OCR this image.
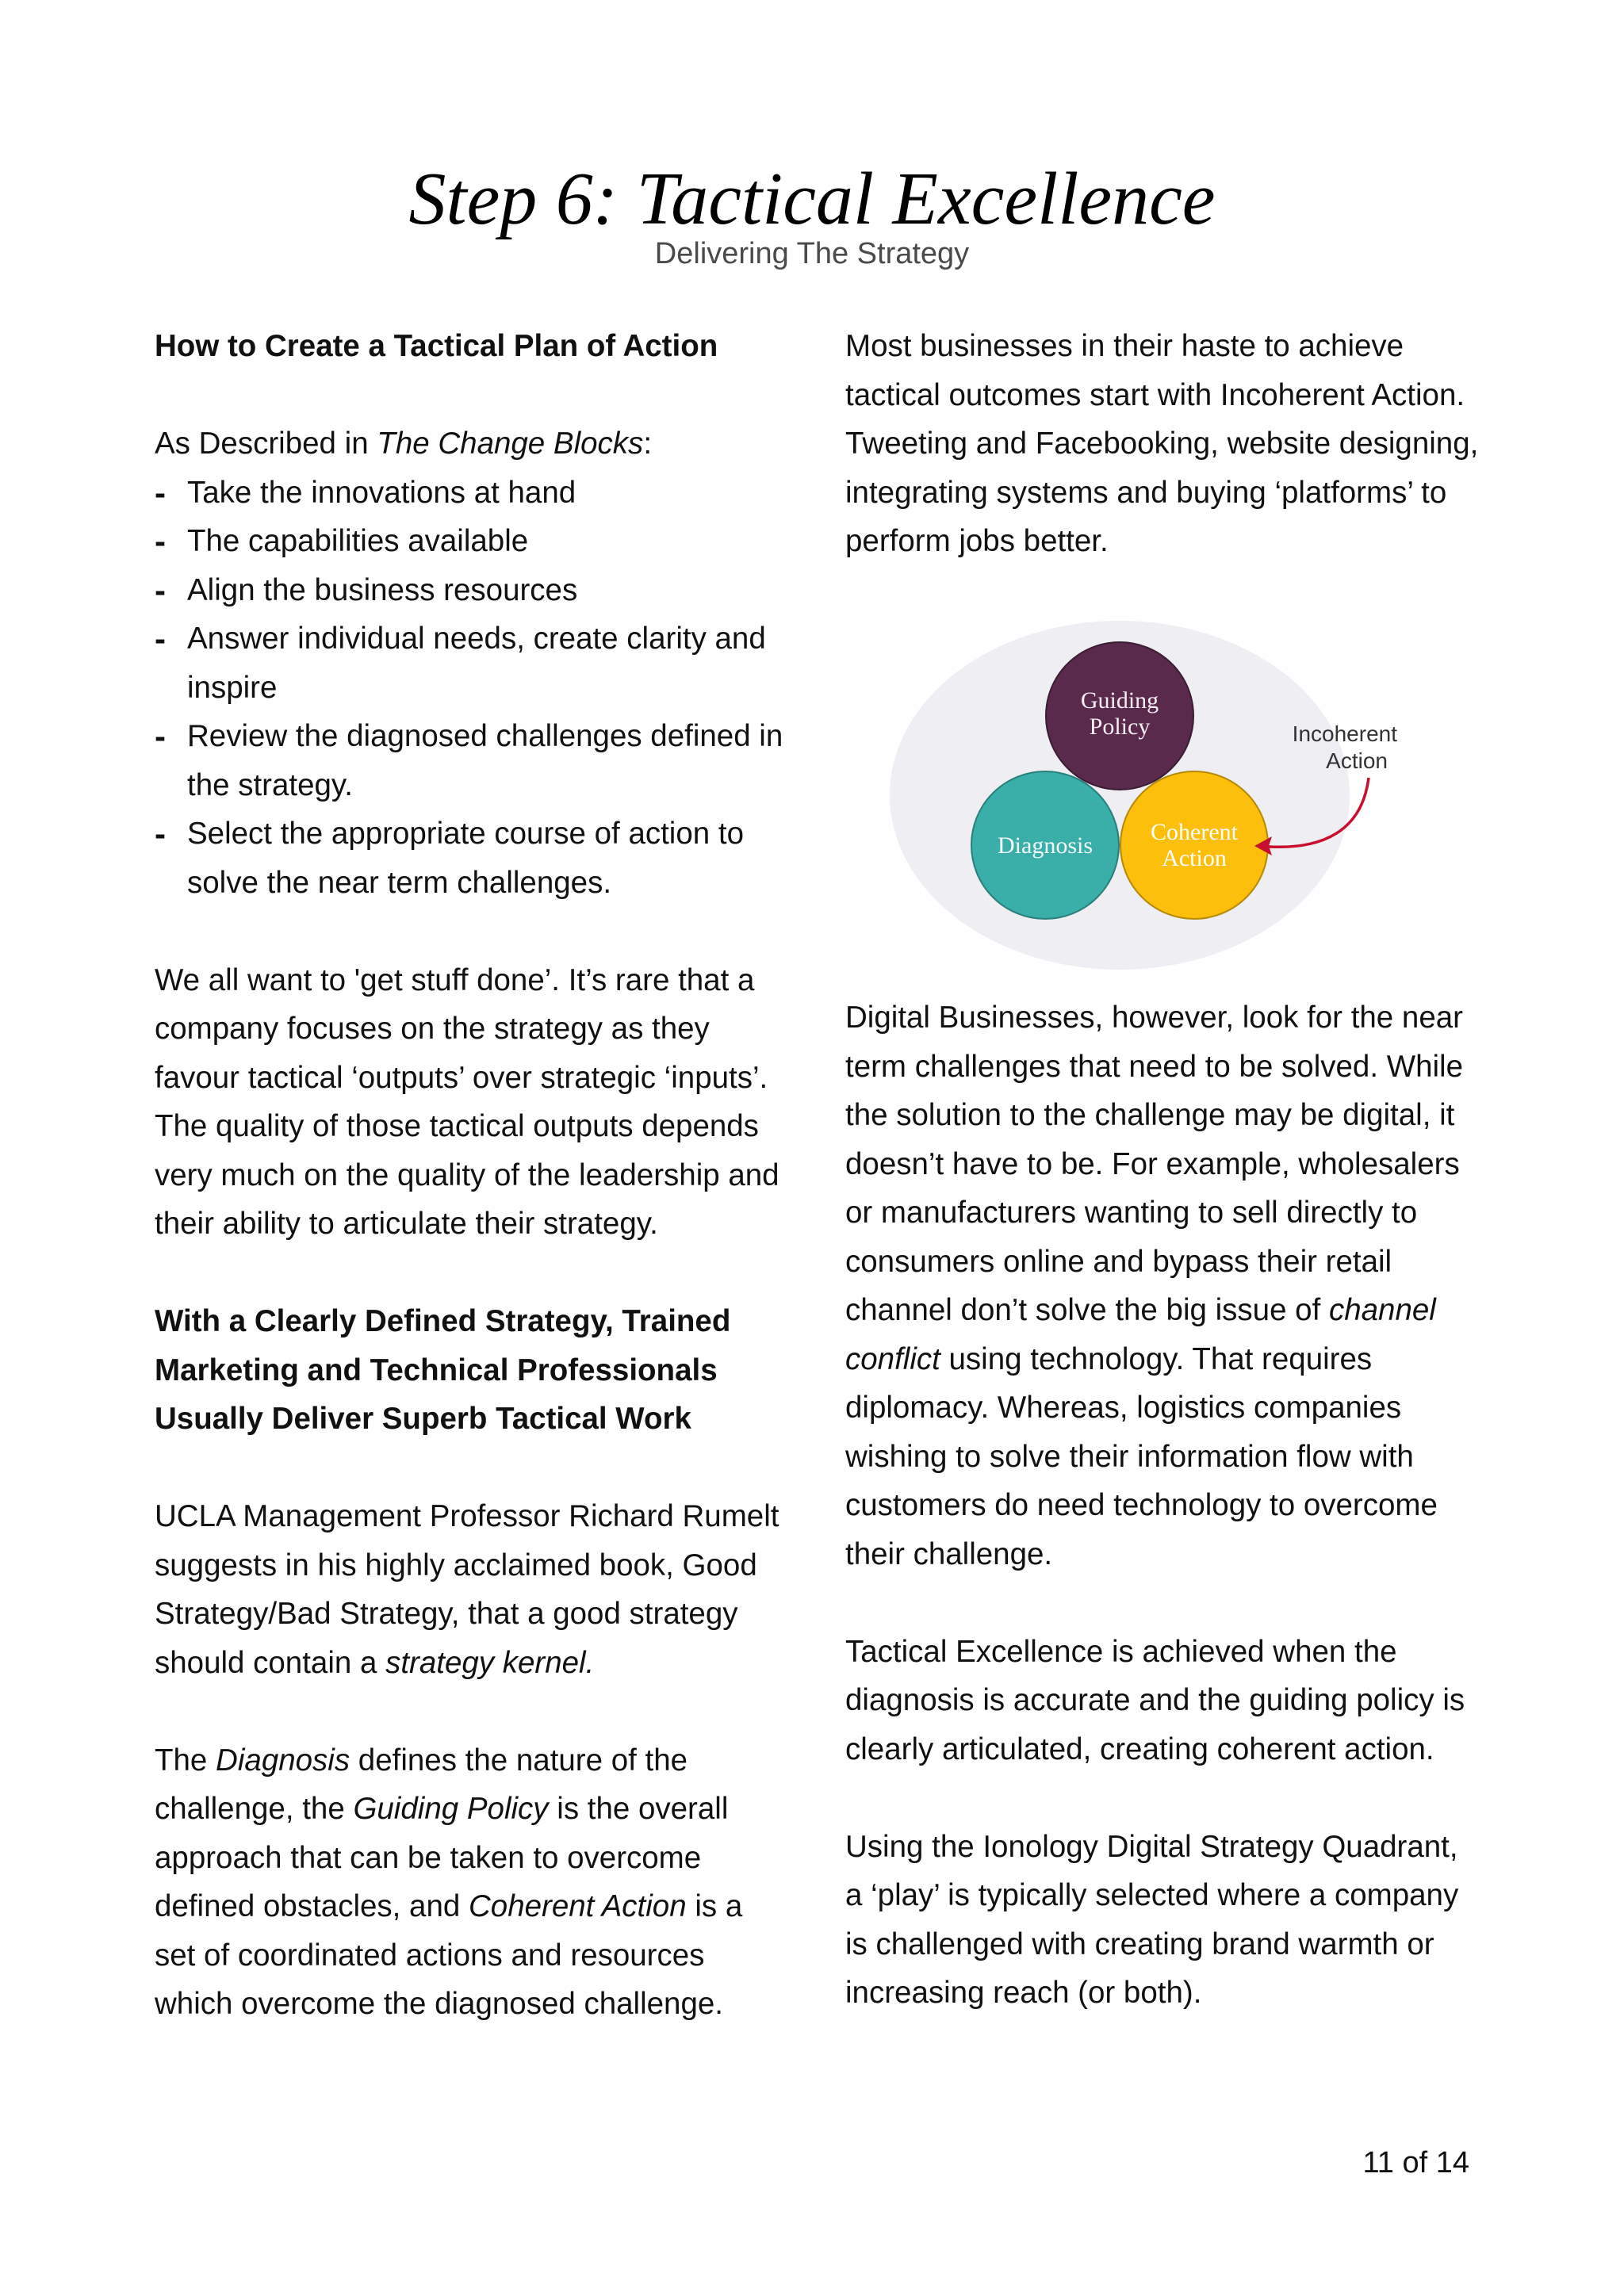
Step 6: Tactical Excellence
Delivering The Strategy

How to Create a Tactical Plan of Action

As Described in The Change Blocks:

- Take the innovations at hand
- The capabilities available
- Align the business resources
- Answer individual needs, create clarity and inspire
- Review the diagnosed challenges defined in the strategy.
- Select the appropriate course of action to solve the near term challenges.

We all want to 'get stuff done’. It’s rare that a company focuses on the strategy as they favour tactical ‘outputs’ over strategic ‘inputs’. The quality of those tactical outputs depends very much on the quality of the leadership and their ability to articulate their strategy.

With a Clearly Defined Strategy, Trained Marketing and Technical Professionals Usually Deliver Superb Tactical Work

UCLA Management Professor Richard Rumelt suggests in his highly acclaimed book, Good Strategy/Bad Strategy, that a good strategy should contain a strategy kernel.

The Diagnosis defines the nature of the challenge, the Guiding Policy is the overall approach that can be taken to overcome defined obstacles, and Coherent Action is a set of coordinated actions and resources which overcome the diagnosed challenge.

Most businesses in their haste to achieve tactical outcomes start with Incoherent Action. Tweeting and Facebooking, website designing, integrating systems and buying ‘platforms’ to perform jobs better.

Guiding
Policy
Diagnosis
Coherent
Action
Incoherent
Action

Digital Businesses, however, look for the near term challenges that need to be solved. While the solution to the challenge may be digital, it doesn’t have to be. For example, wholesalers or manufacturers wanting to sell directly to consumers online and bypass their retail channel don’t solve the big issue of channel conflict using technology. That requires diplomacy. Whereas, logistics companies wishing to solve their information flow with customers do need technology to overcome their challenge.

Tactical Excellence is achieved when the diagnosis is accurate and the guiding policy is clearly articulated, creating coherent action.

Using the Ionology Digital Strategy Quadrant, a ‘play’ is typically selected where a company is challenged with creating brand warmth or increasing reach (or both).

11 of 14
